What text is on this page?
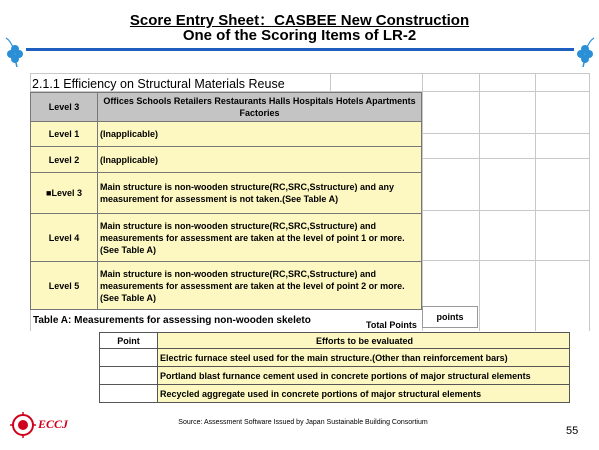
Score Entry Sheet：CASBEE New Construction
One of the Scoring Items of LR-2
2.1.1 Efficiency on Structural Materials Reuse
Level 3	Offices Schools Retailers Restaurants Halls Hospitals Hotels Apartments Factories
Level 1	(Inapplicable)
Level 2	(Inapplicable)
■Level 3	Main structure is non-wooden structure(RC,SRC,Sstructure) and any measurement for assessment is not taken.(See Table A)
Level 4	Main structure is non-wooden structure(RC,SRC,Sstructure) and measurements for assessment are taken at the level of point 1 or more.(See Table A)
Level 5	Main structure is non-wooden structure(RC,SRC,Sstructure) and measurements for assessment are taken at the level of point 2 or more.(See Table A)
Table A: Measurements for assessing non-wooden skeleto	Total Points
points
Point	Efforts to be evaluated
	Electric furnace steel used for the main structure.(Other than reinforcement bars)
	Portland blast furnance cement used in concrete portions of major structural elements
	Recycled aggregate used in concrete portions of major structural elements
ECCJ	Source: Assessment Software Issued by Japan Sustainable Building Consortium
55
